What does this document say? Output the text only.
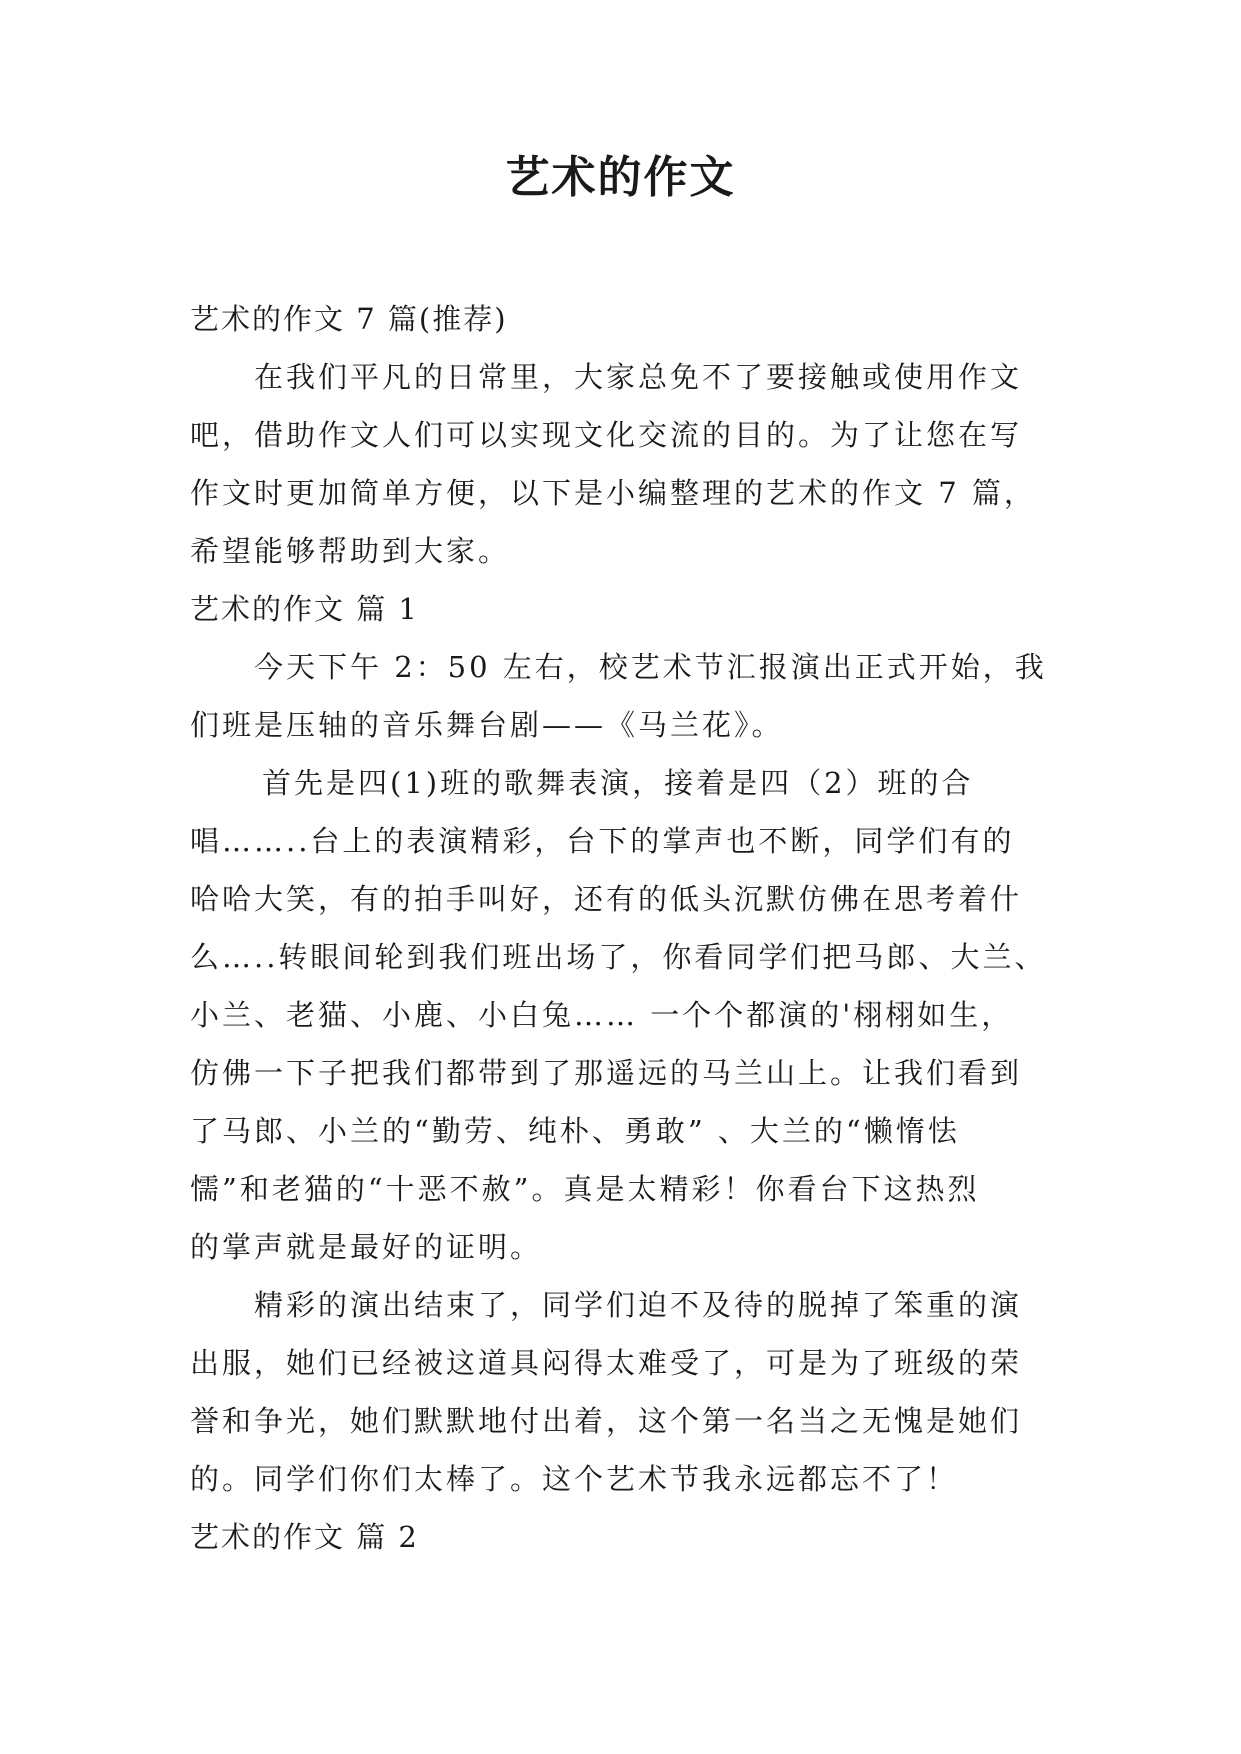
艺术的作文

艺术的作文 7 篇(推荐)

在我们平凡的日常里，大家总免不了要接触或使用作文

吧，借助作文人们可以实现文化交流的目的。为了让您在写

作文时更加简单方便，以下是小编整理的艺术的作文 7 篇，

希望能够帮助到大家。

艺术的作文 篇 1

今天下午 2：50 左右，校艺术节汇报演出正式开始，我

们班是压轴的音乐舞台剧——《马兰花》。

首先是四(1)班的歌舞表演，接着是四（2）班的合

唱……..台上的表演精彩，台下的掌声也不断，同学们有的

哈哈大笑，有的拍手叫好，还有的低头沉默仿佛在思考着什

么…..转眼间轮到我们班出场了，你看同学们把马郎、大兰、

小兰、老猫、小鹿、小白兔…… 一个个都演的'栩栩如生，

仿佛一下子把我们都带到了那遥远的马兰山上。让我们看到

了马郎、小兰的“勤劳、纯朴、勇敢” 、大兰的“懒惰怯

懦”和老猫的“十恶不赦”。真是太精彩！你看台下这热烈

的掌声就是最好的证明。

精彩的演出结束了，同学们迫不及待的脱掉了笨重的演

出服，她们已经被这道具闷得太难受了，可是为了班级的荣

誉和争光，她们默默地付出着，这个第一名当之无愧是她们

的。同学们你们太棒了。这个艺术节我永远都忘不了！

艺术的作文 篇 2
